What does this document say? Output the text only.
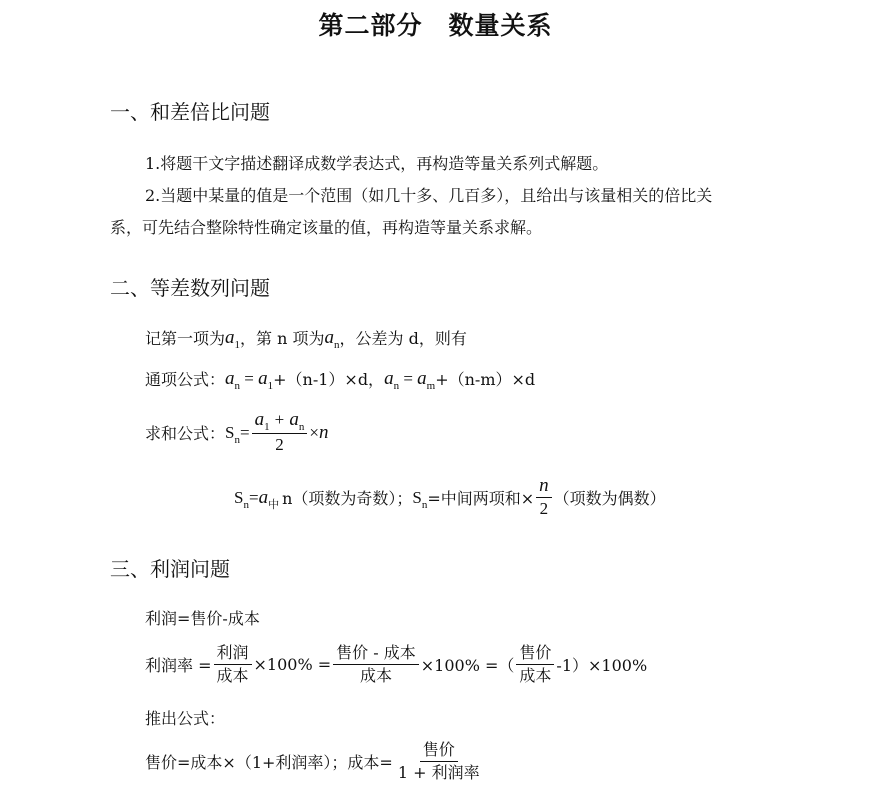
第二部分　数量关系
一、和差倍比问题
1.将题干文字描述翻译成数学表达式，再构造等量关系列式解题。
2.当题中某量的值是一个范围（如几十多、几百多），且给出与该量相关的倍比关
系，可先结合整除特性确定该量的值，再构造等量关系求解。
二、等差数列问题
记第一项为 $a_1$ ，第 n 项为 $a_n$ ，公差为 d，则有
通项公式： $a_n = a_1 +(n-1)\times d$， $a_n = a_m +(n-m)\times d$
求和公式： $S_n = \frac{a_1 + a_n}{2} \times n$
$S_n = a_中$ n（项数为奇数）； $S_n$ =中间两项和× $\frac{n}{2}$ （项数为偶数）
三、利润问题
利润=售价-成本
利润率 = $\frac{\text{利润}}{\text{成本}} \times 100\% = \frac{\text{售价 - 成本}}{\text{成本}} \times 100\%$ =（ $\frac{\text{售价}}{\text{成本}} -1)\times 100\%$
推出公式：
售价=成本×（1+利润率）；成本= $\frac{\text{售价}}{\text{1 + 利润率}}$
